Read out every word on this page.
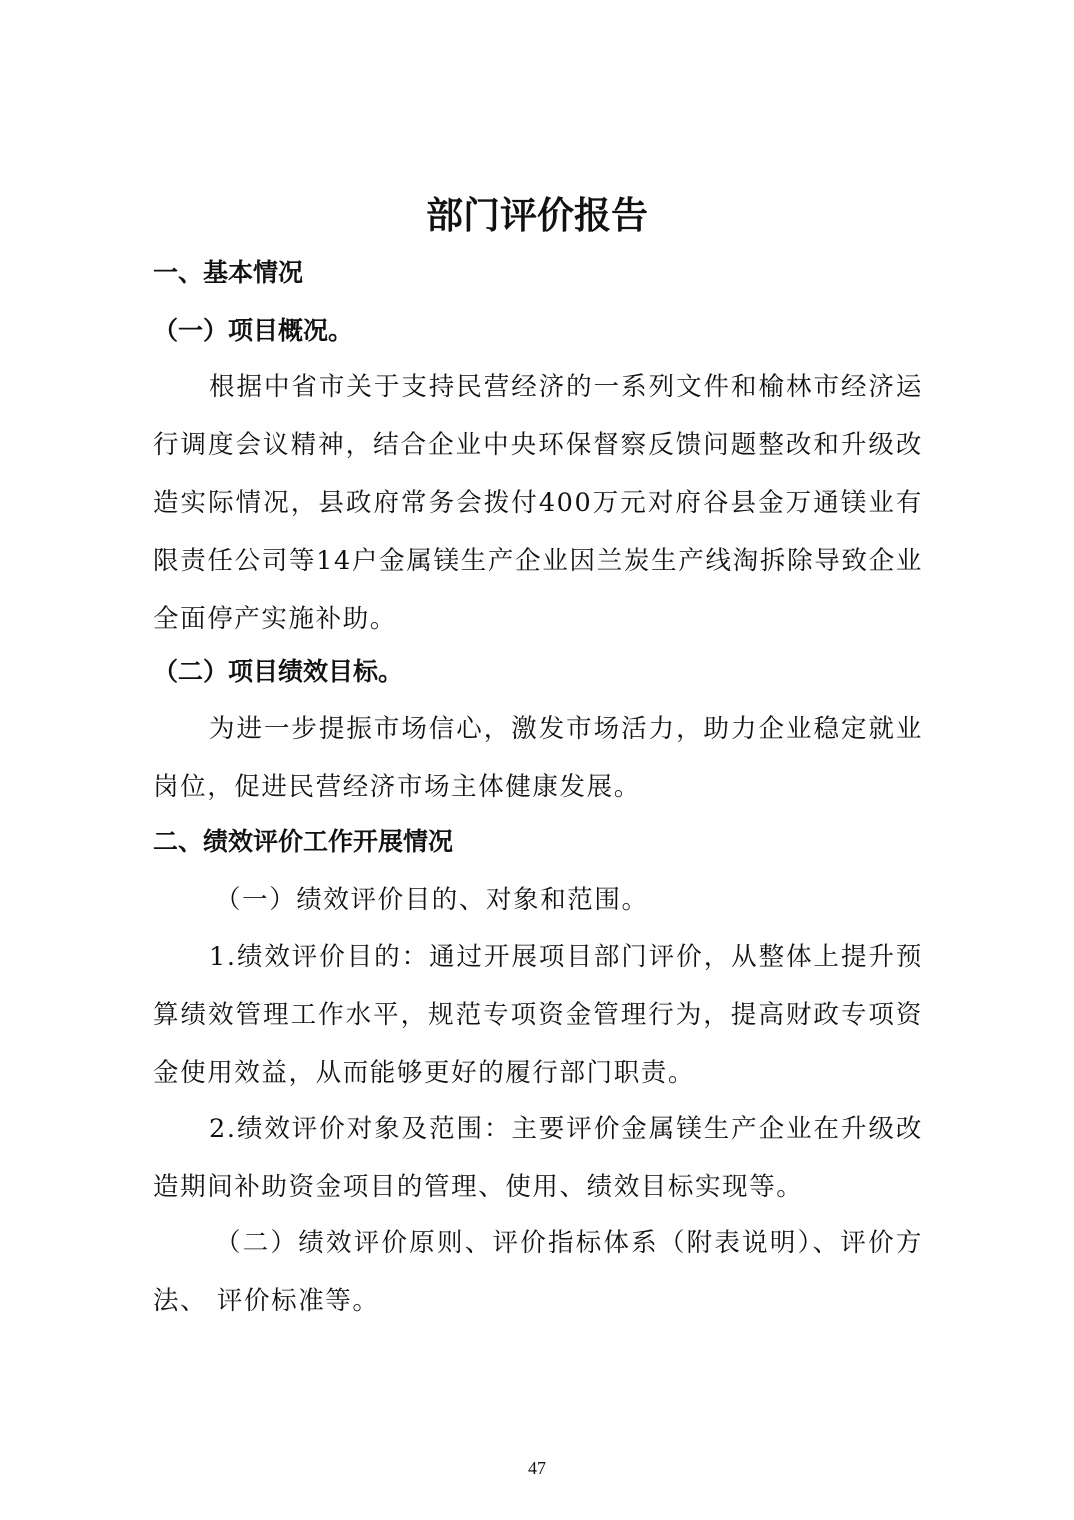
部门评价报告
一、基本情况
（一）项目概况。
根据中省市关于支持民营经济的一系列文件和榆林市经济运行调度会议精神，结合企业中央环保督察反馈问题整改和升级改造实际情况，县政府常务会拨付400万元对府谷县金万通镁业有限责任公司等14户金属镁生产企业因兰炭生产线淘拆除导致企业全面停产实施补助。
（二）项目绩效目标。
为进一步提振市场信心，激发市场活力，助力企业稳定就业岗位，促进民营经济市场主体健康发展。
二、绩效评价工作开展情况
（一）绩效评价目的、对象和范围。
1.绩效评价目的：通过开展项目部门评价，从整体上提升预算绩效管理工作水平，规范专项资金管理行为，提高财政专项资金使用效益，从而能够更好的履行部门职责。
2.绩效评价对象及范围：主要评价金属镁生产企业在升级改造期间补助资金项目的管理、使用、绩效目标实现等。
（二）绩效评价原则、评价指标体系（附表说明）、评价方法、 评价标准等。
47
